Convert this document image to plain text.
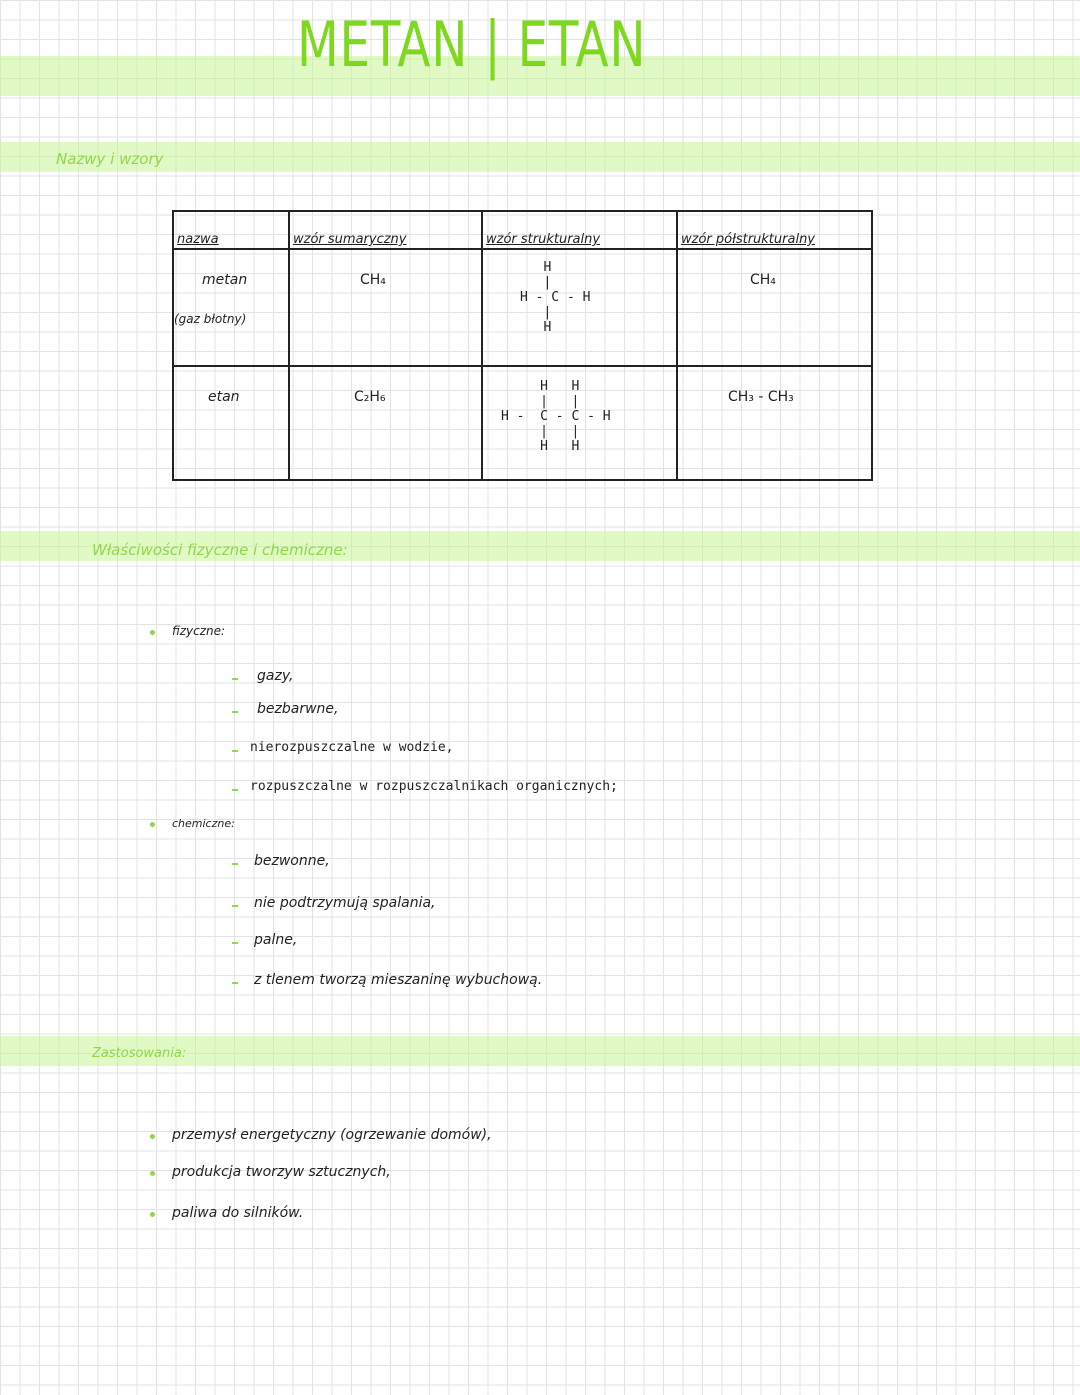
METAN | ETAN
Nazwy i wzory
nazwa	wzór sumaryczny	wzór strukturalny	wzór półstrukturalny

metan
(gaz błotny)	CH₄	H
|
H - C - H
|
H	CH₄

etan	C₂H₆	H   H
|   |
H -  C - C - H
|   |
H   H	CH₃ - CH₃
Właściwości fizyczne i chemiczne:
fizyczne:
gazy,
bezbarwne,
nierozpuszczalne w wodzie,
rozpuszczalne w rozpuszczalnikach organicznych;
chemiczne:
bezwonne,
nie podtrzymują spalania,
palne,
z tlenem tworzą mieszaninę wybuchową.
Zastosowania:
przemysł energetyczny (ogrzewanie domów),
produkcja tworzyw sztucznych,
paliwa do silników.
